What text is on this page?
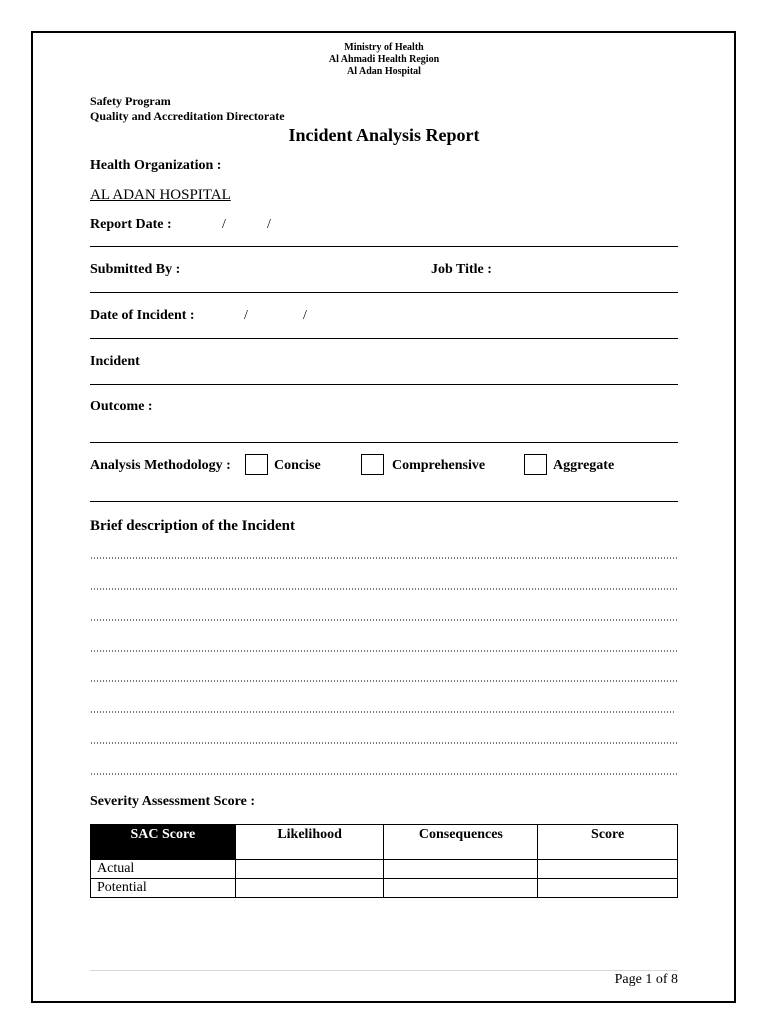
Ministry of Health
Al Ahmadi Health Region
Al Adan Hospital
Safety Program
Quality and Accreditation Directorate
Incident Analysis Report
Health Organization :
AL ADAN HOSPITAL
Report Date :	/	/
Submitted By :	Job Title :
Date of Incident :	/	/
Incident
Outcome :
Analysis Methodology :	Concise	Comprehensive	Aggregate
Brief description of the Incident
Severity Assessment Score :
SAC Score	Likelihood	Consequences	Score
Actual			
Potential			
Page 1 of 8
